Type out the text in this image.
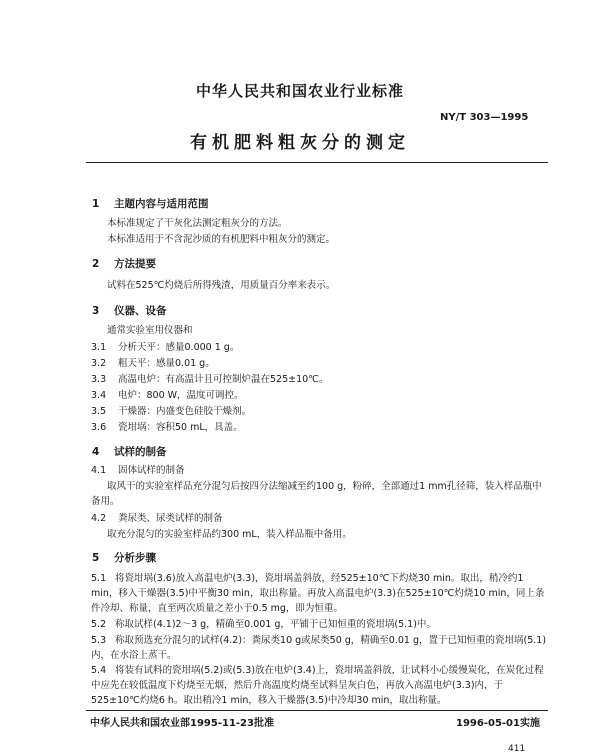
中华人民共和国农业行业标准
NY/T 303—1995
有机肥料粗灰分的测定
1 主题内容与适用范围
本标准规定了干灰化法测定粗灰分的方法。
本标准适用于不含泥沙质的有机肥料中粗灰分的测定。
2 方法提要
试料在525℃灼烧后所得残渣，用质量百分率来表示。
3 仪器、设备
通常实验室用仪器和
3.1 分析天平：感量0.000 1 g。
3.2 粗天平：感量0.01 g。
3.3 高温电炉：有高温计且可控制炉温在525±10℃。
3.4 电炉：800 W，温度可调控。
3.5 干燥器：内盛变色硅胶干燥剂。
3.6 瓷坩埚：容积50 mL，具盖。
4 试样的制备
4.1 固体试样的制备
取风干的实验室样品充分混匀后按四分法缩减至约100 g，粉碎，全部通过1 mm孔径筛，装入样品瓶中备用。
4.2 粪尿类、尿类试样的制备
取充分混匀的实验室样品约300 mL，装入样品瓶中备用。
5 分析步骤
5.1 将瓷坩埚(3.6)放入高温电炉(3.3)，瓷坩埚盖斜放，经525±10℃下灼烧30 min。取出，稍冷约1 min，移入干燥器(3.5)中平衡30 min，取出称量。再放入高温电炉(3.3)在525±10℃灼烧10 min，同上条件冷却、称量，直至两次质量之差小于0.5 mg，即为恒重。
5.2 称取试样(4.1)2～3 g，精确至0.001 g，平铺于已知恒重的瓷坩埚(5.1)中。
5.3 称取预选充分混匀的试样(4.2)：粪尿类10 g或尿类50 g，精确至0.01 g，置于已知恒重的瓷坩埚(5.1)内，在水浴上蒸干。
5.4 将装有试料的瓷坩埚(5.2)或(5.3)放在电炉(3.4)上，瓷坩埚盖斜放，让试料小心缓慢炭化，在炭化过程中应先在较低温度下灼烧至无烟，然后升高温度灼烧至试料呈灰白色，再放入高温电炉(3.3)内，于525±10℃灼烧6 h。取出稍冷1 min，移入干燥器(3.5)中冷却30 min，取出称量。
中华人民共和国农业部1995-11-23批准	1996-05-01实施
411
